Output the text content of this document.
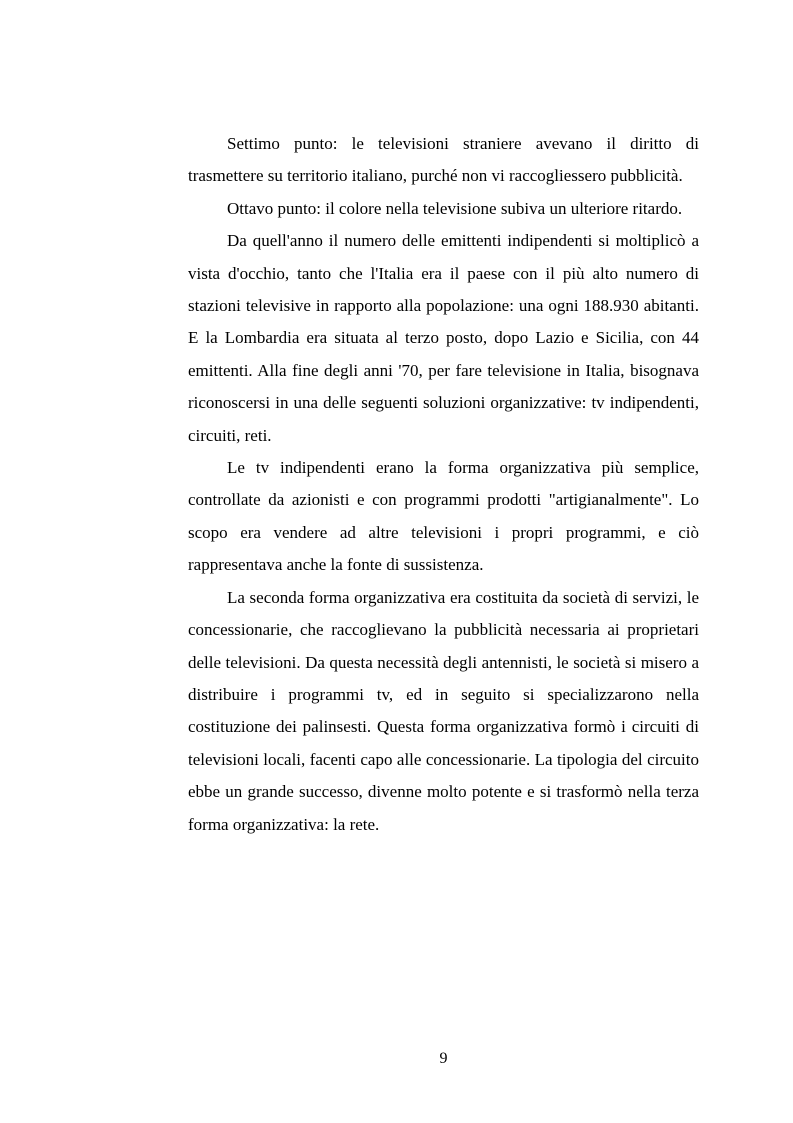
Settimo punto: le televisioni straniere avevano il diritto di trasmettere su territorio italiano, purché non vi raccogliessero pubblicità.

Ottavo punto: il colore nella televisione subiva un ulteriore ritardo.

Da quell'anno il numero delle emittenti indipendenti si moltiplicò a vista d'occhio, tanto che l'Italia era il paese con il più alto numero di stazioni televisive in rapporto alla popolazione: una ogni 188.930 abitanti. E la Lombardia era situata al terzo posto, dopo Lazio e Sicilia, con 44 emittenti. Alla fine degli anni '70, per fare televisione in Italia, bisognava riconoscersi in una delle seguenti soluzioni organizzative: tv indipendenti, circuiti, reti.

Le tv indipendenti erano la forma organizzativa più semplice, controllate da azionisti e con programmi prodotti "artigianalmente". Lo scopo era vendere ad altre televisioni i propri programmi, e ciò rappresentava anche la fonte di sussistenza.

La seconda forma organizzativa era costituita da società di servizi, le concessionarie, che raccoglievano la pubblicità necessaria ai proprietari delle televisioni. Da questa necessità degli antennisti, le società si misero a distribuire i programmi tv, ed in seguito si specializzarono nella costituzione dei palinsesti. Questa forma organizzativa formò i circuiti di televisioni locali, facenti capo alle concessionarie. La tipologia del circuito ebbe un grande successo, divenne molto potente e si trasformò nella terza forma organizzativa: la rete.

9
